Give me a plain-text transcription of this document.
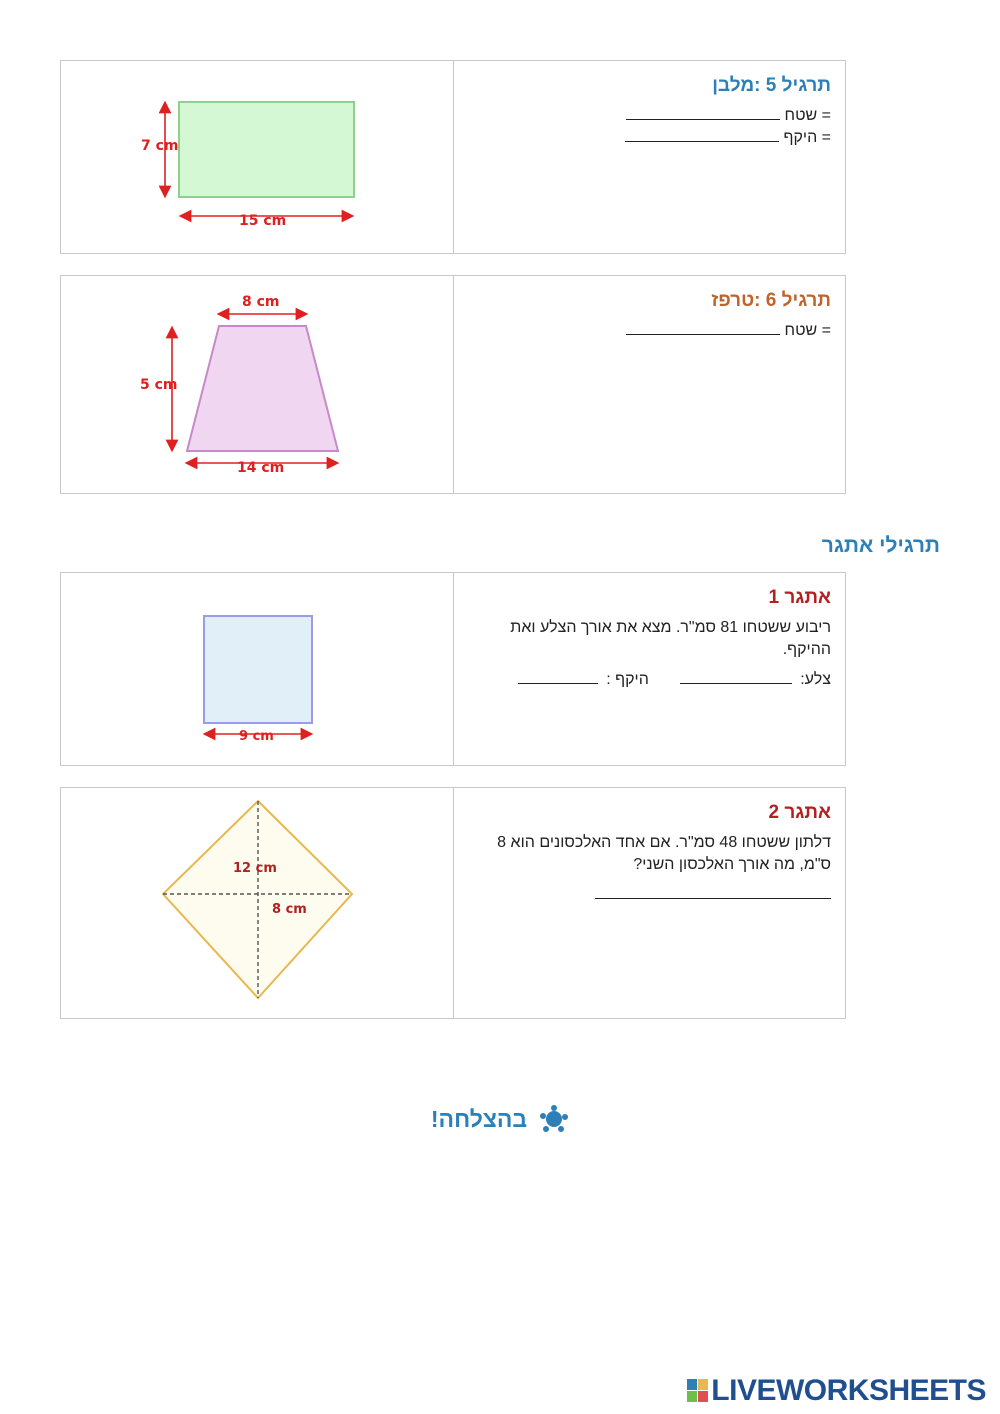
7 cm
15 cm

תרגיל 5 :מלבן

= שטח

= היקף

8 cm
5 cm
14 cm

תרגיל 6 :טרפז

= שטח

תרגילי אתגר
9 cm

אתגר 1

ריבוע ששטחו 81 סמ"ר. מצא את אורך הצלע ואת ההיקף.

צלע:   היקף :

12 cm
8 cm

אתגר 2

דלתון ששטחו 48 סמ"ר. אם אחד האלכסונים הוא 8 ס"מ, מה אורך האלכסון השני?

!בהצלחה
LIVEWORKSHEETS
